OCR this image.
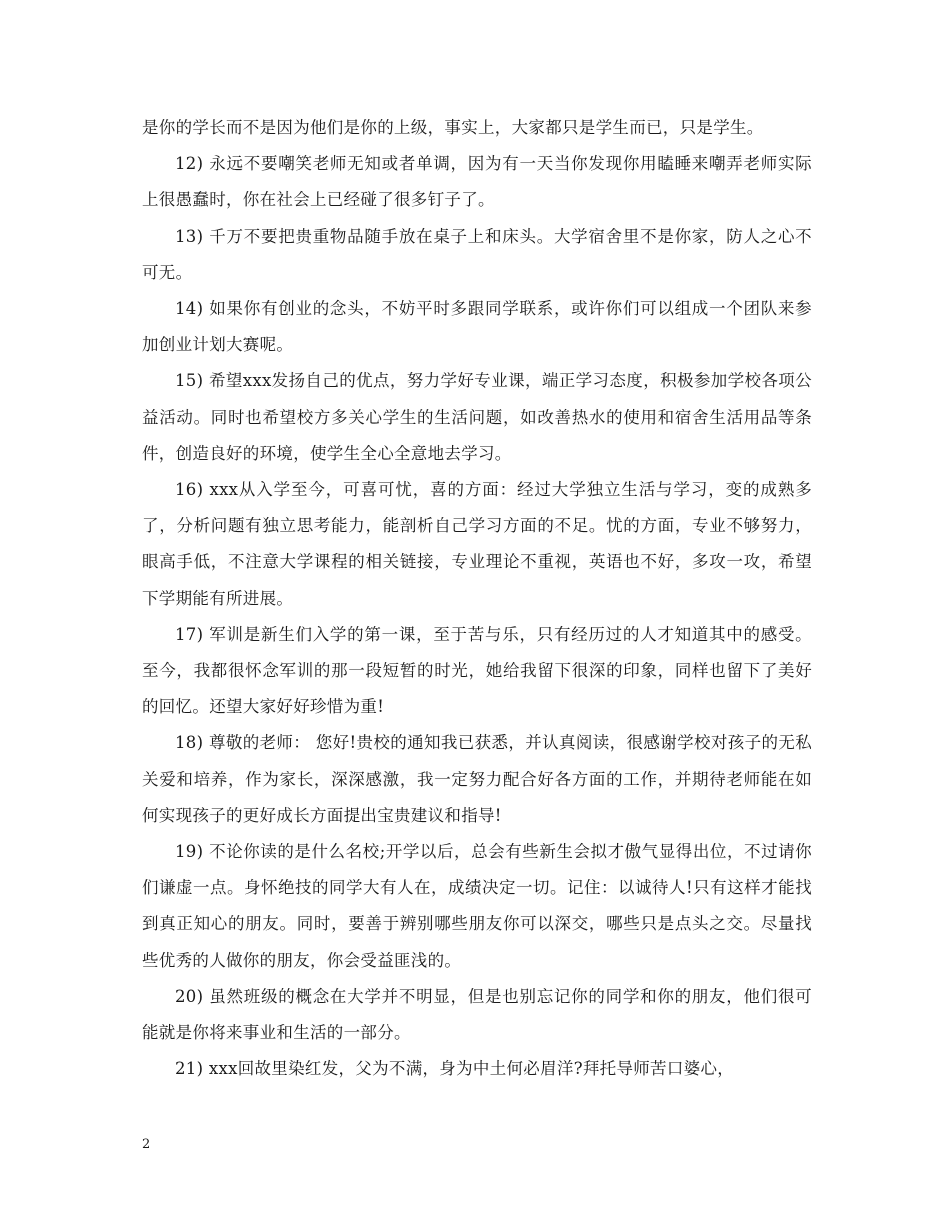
是你的学长而不是因为他们是你的上级，事实上，大家都只是学生而已，只是学生。

12) 永远不要嘲笑老师无知或者单调，因为有一天当你发现你用瞌睡来嘲弄老师实际上很愚蠢时，你在社会上已经碰了很多钉子了。

13) 千万不要把贵重物品随手放在桌子上和床头。大学宿舍里不是你家，防人之心不可无。

14) 如果你有创业的念头，不妨平时多跟同学联系，或许你们可以组成一个团队来参加创业计划大赛呢。

15) 希望xxx发扬自己的优点，努力学好专业课，端正学习态度，积极参加学校各项公益活动。同时也希望校方多关心学生的生活问题，如改善热水的使用和宿舍生活用品等条件，创造良好的环境，使学生全心全意地去学习。

16) xxx从入学至今，可喜可忧，喜的方面：经过大学独立生活与学习，变的成熟多了，分析问题有独立思考能力，能剖析自己学习方面的不足。忧的方面，专业不够努力，眼高手低，不注意大学课程的相关链接，专业理论不重视，英语也不好，多攻一攻，希望下学期能有所进展。

17) 军训是新生们入学的第一课，至于苦与乐，只有经历过的人才知道其中的感受。至今，我都很怀念军训的那一段短暂的时光，她给我留下很深的印象，同样也留下了美好的回忆。还望大家好好珍惜为重!

18) 尊敬的老师： 您好!贵校的通知我已获悉，并认真阅读，很感谢学校对孩子的无私关爱和培养，作为家长，深深感激，我一定努力配合好各方面的工作，并期待老师能在如何实现孩子的更好成长方面提出宝贵建议和指导!

19) 不论你读的是什么名校;开学以后，总会有些新生会拟才傲气显得出位，不过请你们谦虚一点。身怀绝技的同学大有人在，成绩决定一切。记住：以诚待人!只有这样才能找到真正知心的朋友。同时，要善于辨别哪些朋友你可以深交，哪些只是点头之交。尽量找些优秀的人做你的朋友，你会受益匪浅的。

20) 虽然班级的概念在大学并不明显，但是也别忘记你的同学和你的朋友，他们很可能就是你将来事业和生活的一部分。

21) xxx回故里染红发，父为不满，身为中土何必眉洋?拜托导师苦口婆心，

2
